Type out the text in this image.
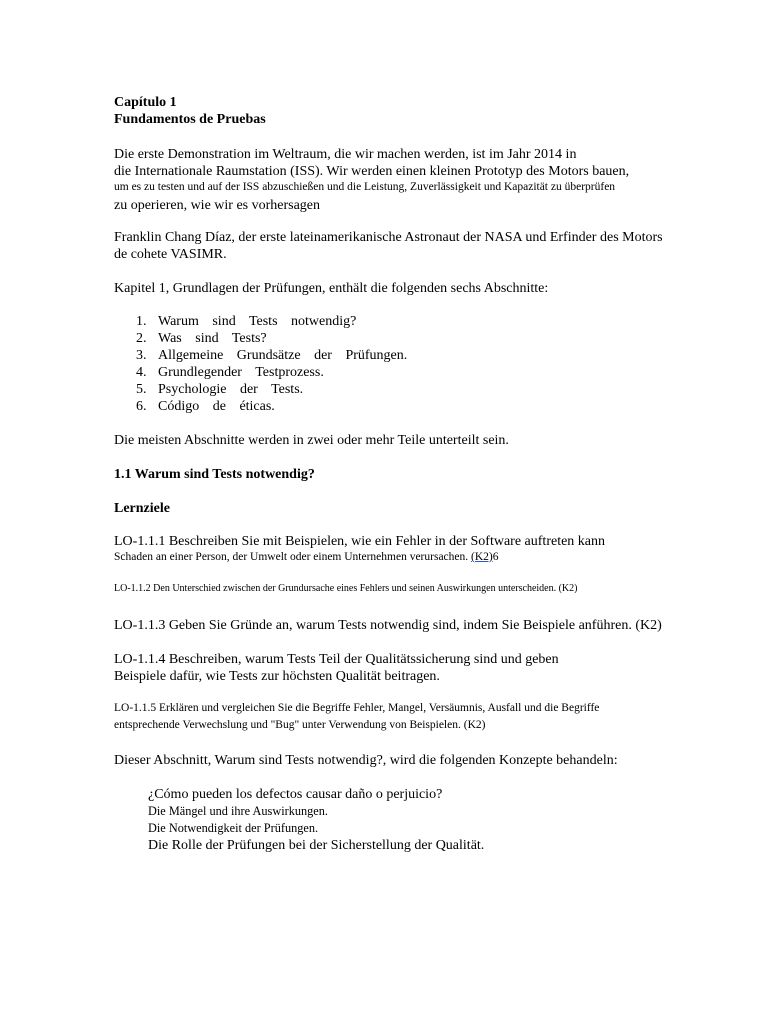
Capítulo 1
Fundamentos de Pruebas
Die erste Demonstration im Weltraum, die wir machen werden, ist im Jahr 2014 in
die Internationale Raumstation (ISS). Wir werden einen kleinen Prototyp des Motors bauen,
um es zu testen und auf der ISS abzuschießen und die Leistung, Zuverlässigkeit und Kapazität zu überprüfen
zu operieren, wie wir es vorhersagen
Franklin Chang Díaz, der erste lateinamerikanische Astronaut der NASA und Erfinder des Motors
de cohete VASIMR.

Kapitel 1, Grundlagen der Prüfungen, enthält die folgenden sechs Abschnitte:

1. Warum sind Tests notwendig?
2. Was sind Tests?
3. Allgemeine Grundsätze der Prüfungen.
4. Grundlegender Testprozess.
5. Psychologie der Tests.
6. Código de éticas.

Die meisten Abschnitte werden in zwei oder mehr Teile unterteilt sein.

1.1 Warum sind Tests notwendig?

Lernziele

LO-1.1.1 Beschreiben Sie mit Beispielen, wie ein Fehler in der Software auftreten kann
Schaden an einer Person, der Umwelt oder einem Unternehmen verursachen. (K2)6

LO-1.1.2 Den Unterschied zwischen der Grundursache eines Fehlers und seinen Auswirkungen unterscheiden. (K2)

LO-1.1.3 Geben Sie Gründe an, warum Tests notwendig sind, indem Sie Beispiele anführen. (K2)

LO-1.1.4 Beschreiben, warum Tests Teil der Qualitätssicherung sind und geben
Beispiele dafür, wie Tests zur höchsten Qualität beitragen.
LO-1.1.5 Erklären und vergleichen Sie die Begriffe Fehler, Mangel, Versäumnis, Ausfall und die Begriffe
entsprechende Verwechslung und "Bug" unter Verwendung von Beispielen. (K2)

Dieser Abschnitt, Warum sind Tests notwendig?, wird die folgenden Konzepte behandeln:

¿Cómo pueden los defectos causar daño o perjuicio?
Die Mängel und ihre Auswirkungen.
Die Notwendigkeit der Prüfungen.
Die Rolle der Prüfungen bei der Sicherstellung der Qualität.
